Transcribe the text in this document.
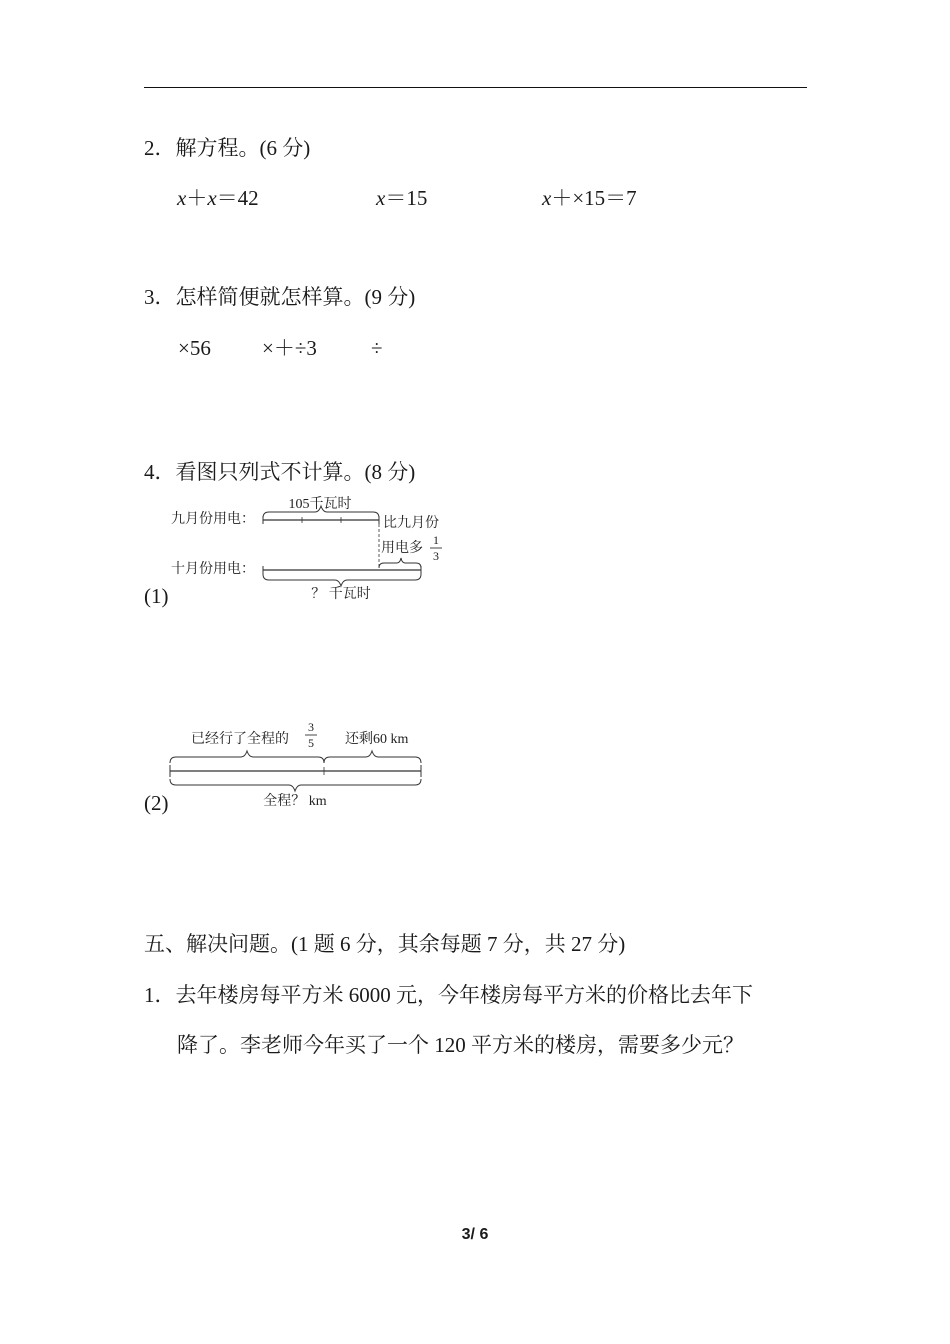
2．解方程。(6 分)
x＋x＝42	x＝15	x＋×15＝7
3．怎样简便就怎样算。(9 分)
×56 ×＋÷3	÷
4．看图只列式不计算。(8 分)
(1)
105千瓦时
九月份用电：	比九月份
用电多
1
3
十月份用电：
？ 千瓦时
(2)
已经行了全程的
3
5 还剩60 km
全程？ km
五、解决问题。(1 题 6 分，其余每题 7 分，共 27 分)
1．去年楼房每平方米 6000 元，今年楼房每平方米的价格比去年下
降了。李老师今年买了一个 120 平方米的楼房，需要多少元？
3/ 6
